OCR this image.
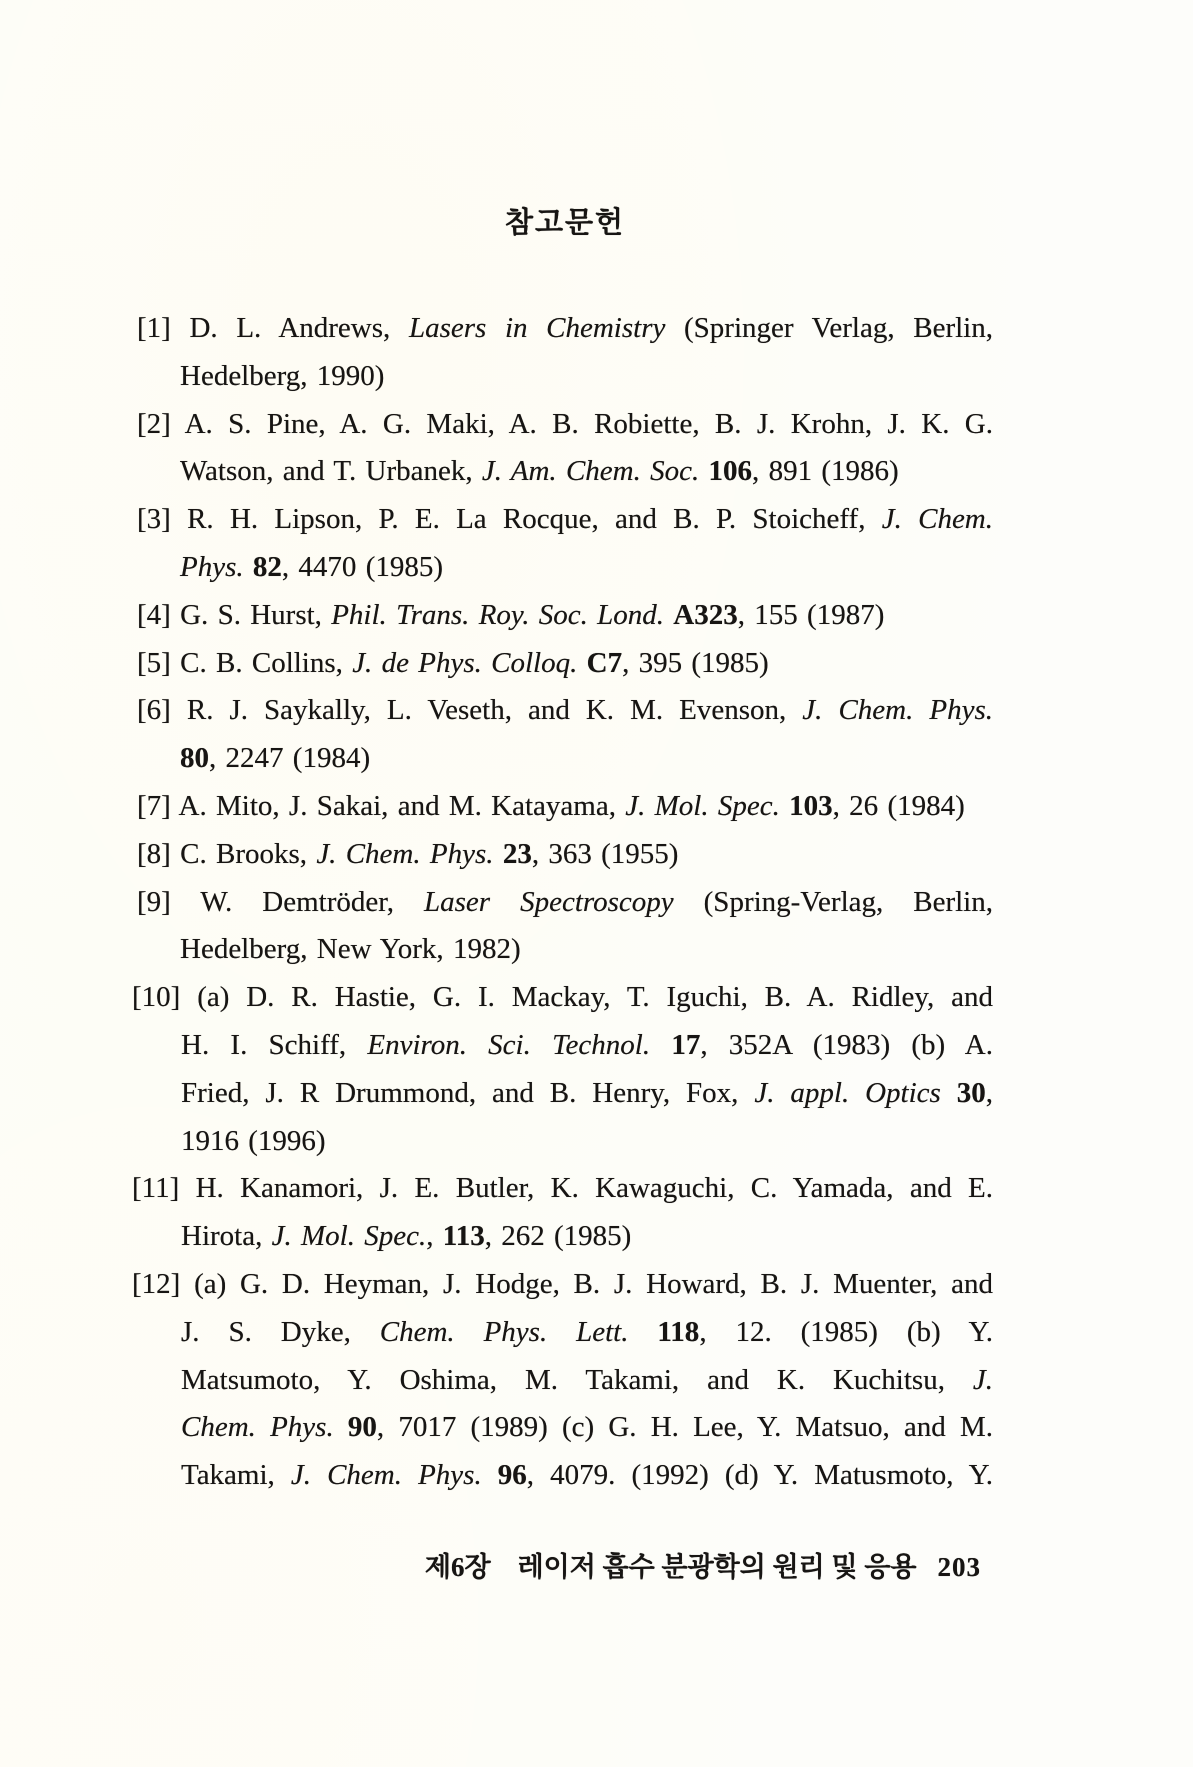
참고문헌
[1] D. L. Andrews, Lasers in Chemistry (Springer Verlag, Berlin,
Hedelberg, 1990)
[2] A. S. Pine, A. G. Maki, A. B. Robiette, B. J. Krohn, J. K. G.
Watson, and T. Urbanek, J. Am. Chem. Soc. 106, 891 (1986)
[3] R. H. Lipson, P. E. La Rocque, and B. P. Stoicheff, J. Chem.
Phys. 82, 4470 (1985)
[4] G. S. Hurst, Phil. Trans. Roy. Soc. Lond. A323, 155 (1987)
[5] C. B. Collins, J. de Phys. Colloq. C7, 395 (1985)
[6] R. J. Saykally, L. Veseth, and K. M. Evenson, J. Chem. Phys.
80, 2247 (1984)
[7] A. Mito, J. Sakai, and M. Katayama, J. Mol. Spec. 103, 26 (1984)
[8] C. Brooks, J. Chem. Phys. 23, 363 (1955)
[9] W. Demtröder, Laser Spectroscopy (Spring-Verlag, Berlin,
Hedelberg, New York, 1982)
[10] (a) D. R. Hastie, G. I. Mackay, T. Iguchi, B. A. Ridley, and
H. I. Schiff, Environ. Sci. Technol. 17, 352A (1983) (b) A.
Fried, J. R Drummond, and B. Henry, Fox, J. appl. Optics 30,
1916 (1996)
[11] H. Kanamori, J. E. Butler, K. Kawaguchi, C. Yamada, and E.
Hirota, J. Mol. Spec., 113, 262 (1985)
[12] (a) G. D. Heyman, J. Hodge, B. J. Howard, B. J. Muenter, and
J. S. Dyke, Chem. Phys. Lett. 118, 12. (1985) (b) Y.
Matsumoto, Y. Oshima, M. Takami, and K. Kuchitsu, J.
Chem. Phys. 90, 7017 (1989) (c) G. H. Lee, Y. Matsuo, and M.
Takami, J. Chem. Phys. 96, 4079. (1992) (d) Y. Matusmoto, Y.
제6장 레이저 흡수 분광학의 원리 및 응용 203
